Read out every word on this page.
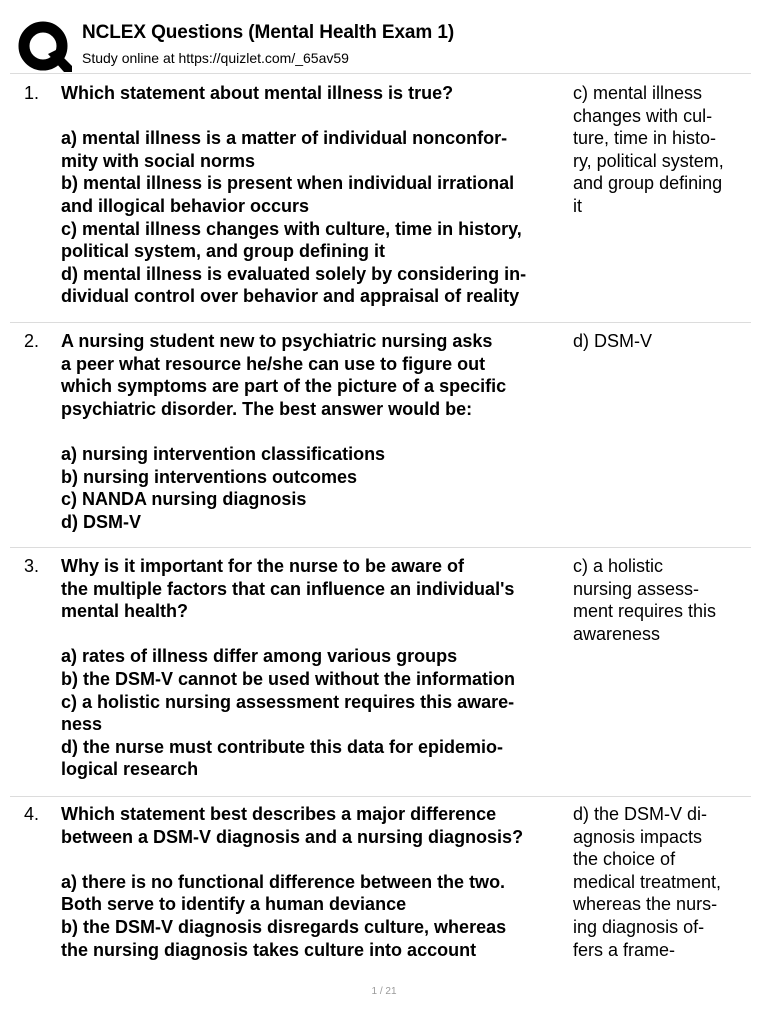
NCLEX Questions (Mental Health Exam 1)
Study online at https://quizlet.com/_65av59
1. Which statement about mental illness is true?
a) mental illness is a matter of individual nonconfor-
mity with social norms
b) mental illness is present when individual irrational
and illogical behavior occurs
c) mental illness changes with culture, time in history,
political system, and group defining it
d) mental illness is evaluated solely by considering in-
dividual control over behavior and appraisal of reality
c) mental illness
changes with cul-
ture, time in histo-
ry, political system,
and group defining
it
2. A nursing student new to psychiatric nursing asks
a peer what resource he/she can use to figure out
which symptoms are part of the picture of a specific
psychiatric disorder. The best answer would be:
a) nursing intervention classifications
b) nursing interventions outcomes
c) NANDA nursing diagnosis
d) DSM-V
d) DSM-V
3. Why is it important for the nurse to be aware of
the multiple factors that can influence an individual's
mental health?
a) rates of illness differ among various groups
b) the DSM-V cannot be used without the information
c) a holistic nursing assessment requires this aware-
ness
d) the nurse must contribute this data for epidemio-
logical research
c) a holistic
nursing assess-
ment requires this
awareness
4. Which statement best describes a major difference
between a DSM-V diagnosis and a nursing diagnosis?
a) there is no functional difference between the two.
Both serve to identify a human deviance
b) the DSM-V diagnosis disregards culture, whereas
the nursing diagnosis takes culture into account
d) the DSM-V di-
agnosis impacts
the choice of
medical treatment,
whereas the nurs-
ing diagnosis of-
fers a frame-
1 / 21
